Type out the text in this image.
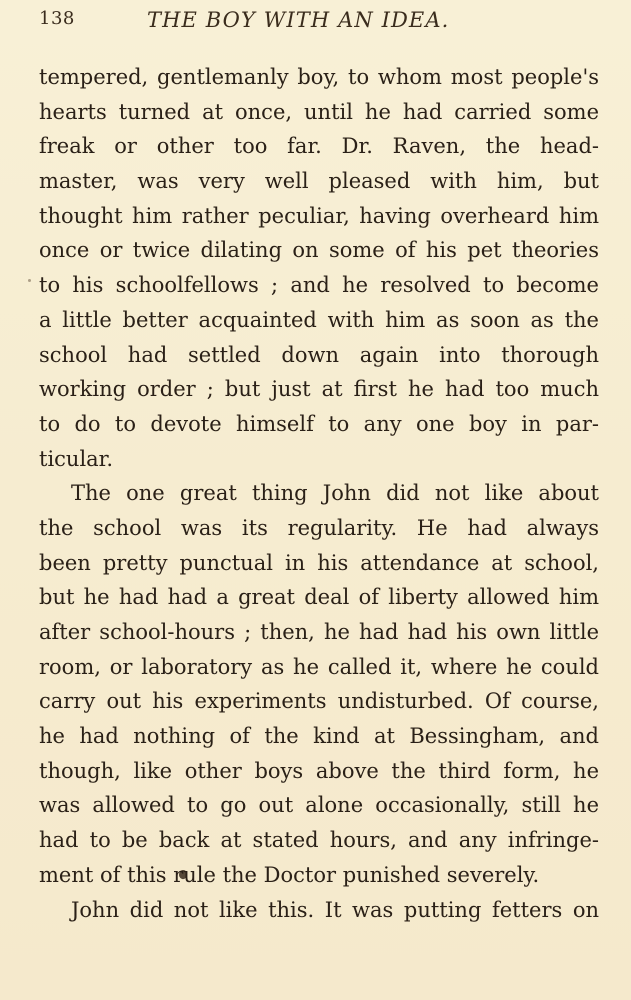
138	THE BOY WITH AN IDEA.
tempered, gentlemanly boy, to whom most people's
hearts turned at once, until he had carried some
freak or other too far. Dr. Raven, the head-
master, was very well pleased with him, but
thought him rather peculiar, having overheard him
once or twice dilating on some of his pet theories
to his schoolfellows ; and he resolved to become
a little better acquainted with him as soon as the
school had settled down again into thorough
working order ; but just at first he had too much
to do to devote himself to any one boy in par-
ticular.
The one great thing John did not like about
the school was its regularity. He had always
been pretty punctual in his attendance at school,
but he had had a great deal of liberty allowed him
after school-hours ; then, he had had his own little
room, or laboratory as he called it, where he could
carry out his experiments undisturbed. Of course,
he had nothing of the kind at Bessingham, and
though, like other boys above the third form, he
was allowed to go out alone occasionally, still he
had to be back at stated hours, and any infringe-
ment of this rule the Doctor punished severely.
John did not like this. It was putting fetters on
